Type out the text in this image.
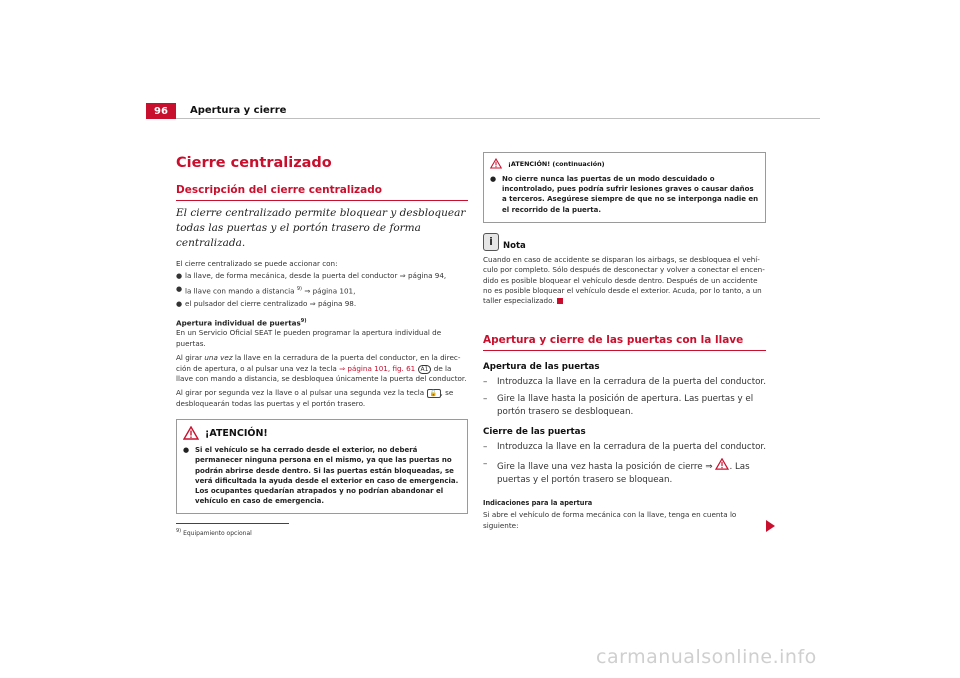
96	Apertura y cierre
Cierre centralizado
Descripción del cierre centralizado
El cierre centralizado permite bloquear y desbloquear todas las puertas y el portón trasero de forma centralizada.
El cierre centralizado se puede accionar con:
● la llave, de forma mecánica, desde la puerta del conductor ⇒ página 94,
● la llave con mando a distancia $^{9)}$ ⇒ página 101,
● el pulsador del cierre centralizado ⇒ página 98.
Apertura individual de puertas$^{9)}$
En un Servicio Oficial SEAT le pueden programar la apertura individual de puertas.
Al girar una vez la llave en la cerradura de la puerta del conductor, en la direc-ción de apertura, o al pulsar una vez la tecla ⇒ página 101, fig. 61 A1 de la llave con mando a distancia, se desbloquea únicamente la puerta del conductor.
Al girar por segunda vez la llave o al pulsar una segunda vez la tecla 🔓 , se desbloquearán todas las puertas y el portón trasero.
¡ATENCIÓN!
● Si el vehículo se ha cerrado desde el exterior, no deberá permanecer ninguna persona en el mismo, ya que las puertas no podrán abrirse desde dentro. Si las puertas están bloqueadas, se verá dificultada la ayuda desde el exterior en caso de emergencia. Los ocupantes quedarían atrapados y no podrían abandonar el vehículo en caso de emergencia.
$^{9)}$ Equipamiento opcional
¡ATENCIÓN! (continuación)
● No cierre nunca las puertas de un modo descuidado o incontrolado, pues podría sufrir lesiones graves o causar daños a terceros. Asegúrese siempre de que no se interponga nadie en el recorrido de la puerta.
i	Nota
Cuando en caso de accidente se disparan los airbags, se desbloquea el vehí-culo por completo. Sólo después de desconectar y volver a conectar el encen-dido es posible bloquear el vehículo desde dentro. Después de un accidente no es posible bloquear el vehículo desde el exterior. Acuda, por lo tanto, a un taller especializado.
Apertura y cierre de las puertas con la llave
Apertura de las puertas
–	Introduzca la llave en la cerradura de la puerta del conductor.
–	Gire la llave hasta la posición de apertura. Las puertas y el portón trasero se desbloquean.
Cierre de las puertas
–	Introduzca la llave en la cerradura de la puerta del conductor.
–	Gire la llave una vez hasta la posición de cierre ⇒ . Las puertas y el portón trasero se bloquean.
Indicaciones para la apertura
Si abre el vehículo de forma mecánica con la llave, tenga en cuenta lo siguiente:
carmanualsonline.info
